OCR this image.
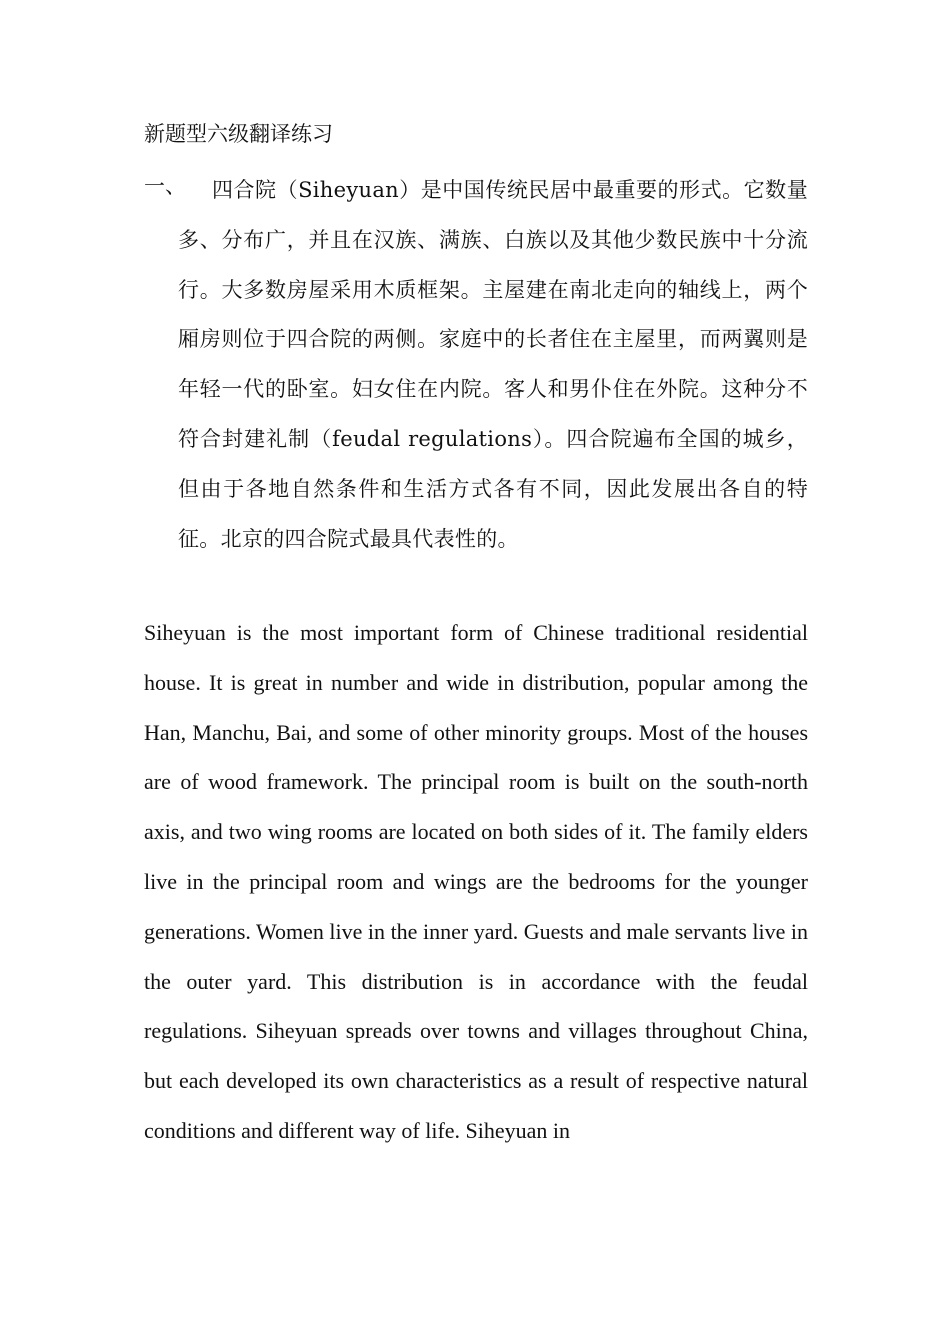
新题型六级翻译练习
一、	四合院（Siheyuan）是中国传统民居中最重要的形式。它数量多、分布广，并且在汉族、满族、白族以及其他少数民族中十分流行。大多数房屋采用木质框架。主屋建在南北走向的轴线上，两个厢房则位于四合院的两侧。家庭中的长者住在主屋里，而两翼则是年轻一代的卧室。妇女住在内院。客人和男仆住在外院。这种分不符合封建礼制（feudal regulations）。四合院遍布全国的城乡，但由于各地自然条件和生活方式各有不同，因此发展出各自的特征。北京的四合院式最具代表性的。
Siheyuan is the most important form of Chinese traditional residential house. It is great in number and wide in distribution, popular among the Han, Manchu, Bai, and some of other minority groups. Most of the houses are of wood framework. The principal room is built on the south-north axis, and two wing rooms are located on both sides of it. The family elders live in the principal room and wings are the bedrooms for the younger generations. Women live in the inner yard. Guests and male servants live in the outer yard. This distribution is in accordance with the feudal regulations. Siheyuan spreads over towns and villages throughout China, but each developed its own characteristics as a result of respective natural conditions and different way of life. Siheyuan in
